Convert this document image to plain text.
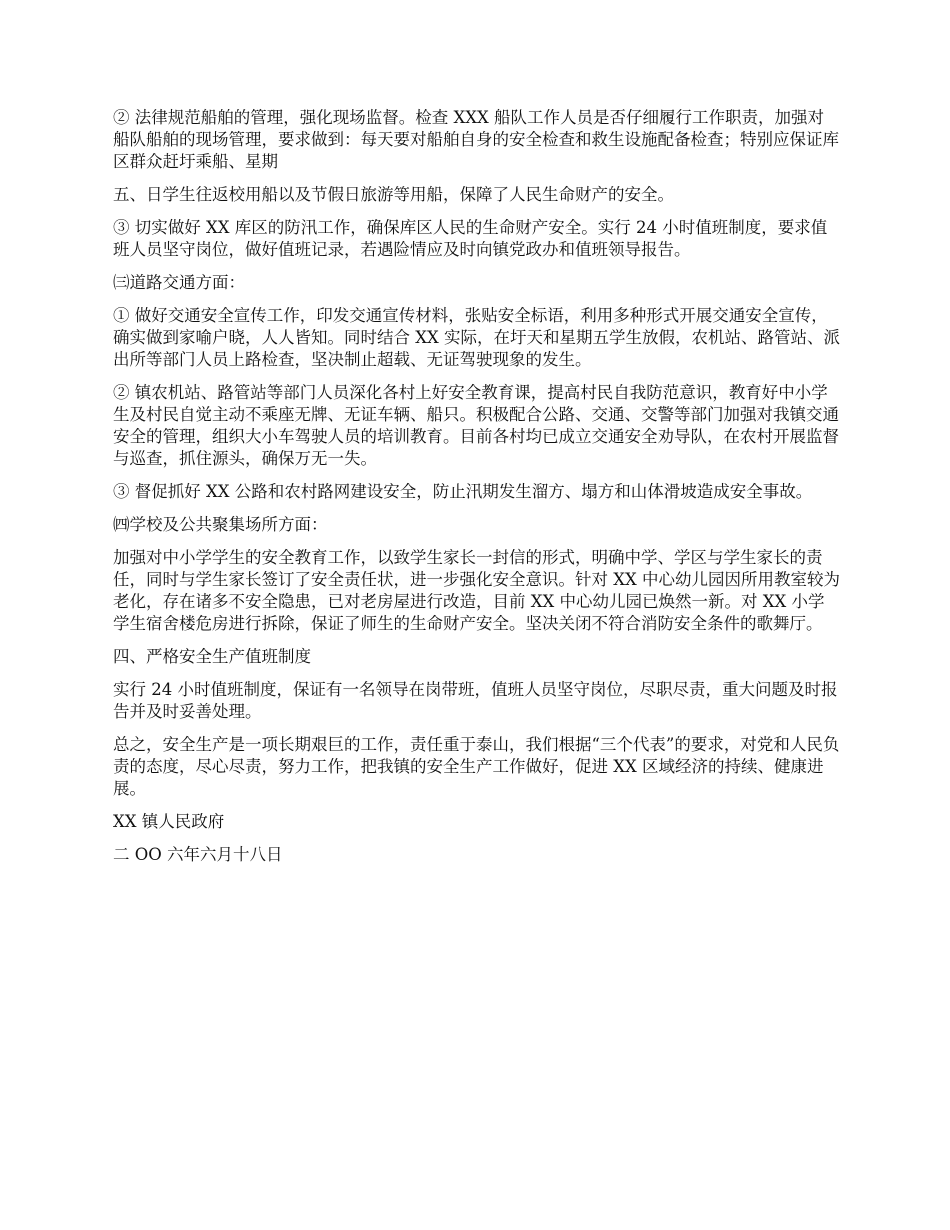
② 法律规范船舶的管理，强化现场监督。检查 XXX 船队工作人员是否仔细履行工作职责，加强对船队船舶的现场管理，要求做到：每天要对船舶自身的安全检查和救生设施配备检查；特别应保证库区群众赶圩乘船、星期

五、日学生往返校用船以及节假日旅游等用船，保障了人民生命财产的安全。

③ 切实做好 XX 库区的防汛工作，确保库区人民的生命财产安全。实行 24 小时值班制度，要求值班人员坚守岗位，做好值班记录，若遇险情应及时向镇党政办和值班领导报告。

㈢道路交通方面：

① 做好交通安全宣传工作，印发交通宣传材料，张贴安全标语，利用多种形式开展交通安全宣传，确实做到家喻户晓，人人皆知。同时结合 XX 实际，在圩天和星期五学生放假，农机站、路管站、派出所等部门人员上路检查，坚决制止超载、无证驾驶现象的发生。

② 镇农机站、路管站等部门人员深化各村上好安全教育课，提高村民自我防范意识，教育好中小学生及村民自觉主动不乘座无牌、无证车辆、船只。积极配合公路、交通、交警等部门加强对我镇交通安全的管理，组织大小车驾驶人员的培训教育。目前各村均已成立交通安全劝导队，在农村开展监督与巡查，抓住源头，确保万无一失。

③ 督促抓好 XX 公路和农村路网建设安全，防止汛期发生溜方、塌方和山体滑坡造成安全事故。

㈣学校及公共聚集场所方面：

加强对中小学学生的安全教育工作，以致学生家长一封信的形式，明确中学、学区与学生家长的责任，同时与学生家长签订了安全责任状，进一步强化安全意识。针对 XX 中心幼儿园因所用教室较为老化，存在诸多不安全隐患，已对老房屋进行改造，目前 XX 中心幼儿园已焕然一新。对 XX 小学学生宿舍楼危房进行拆除，保证了师生的生命财产安全。坚决关闭不符合消防安全条件的歌舞厅。

四、严格安全生产值班制度

实行 24 小时值班制度，保证有一名领导在岗带班，值班人员坚守岗位，尽职尽责，重大问题及时报告并及时妥善处理。

总之，安全生产是一项长期艰巨的工作，责任重于泰山，我们根据“三个代表”的要求，对党和人民负责的态度，尽心尽责，努力工作，把我镇的安全生产工作做好，促进 XX 区域经济的持续、健康进展。

XX 镇人民政府

二 OO 六年六月十八日
